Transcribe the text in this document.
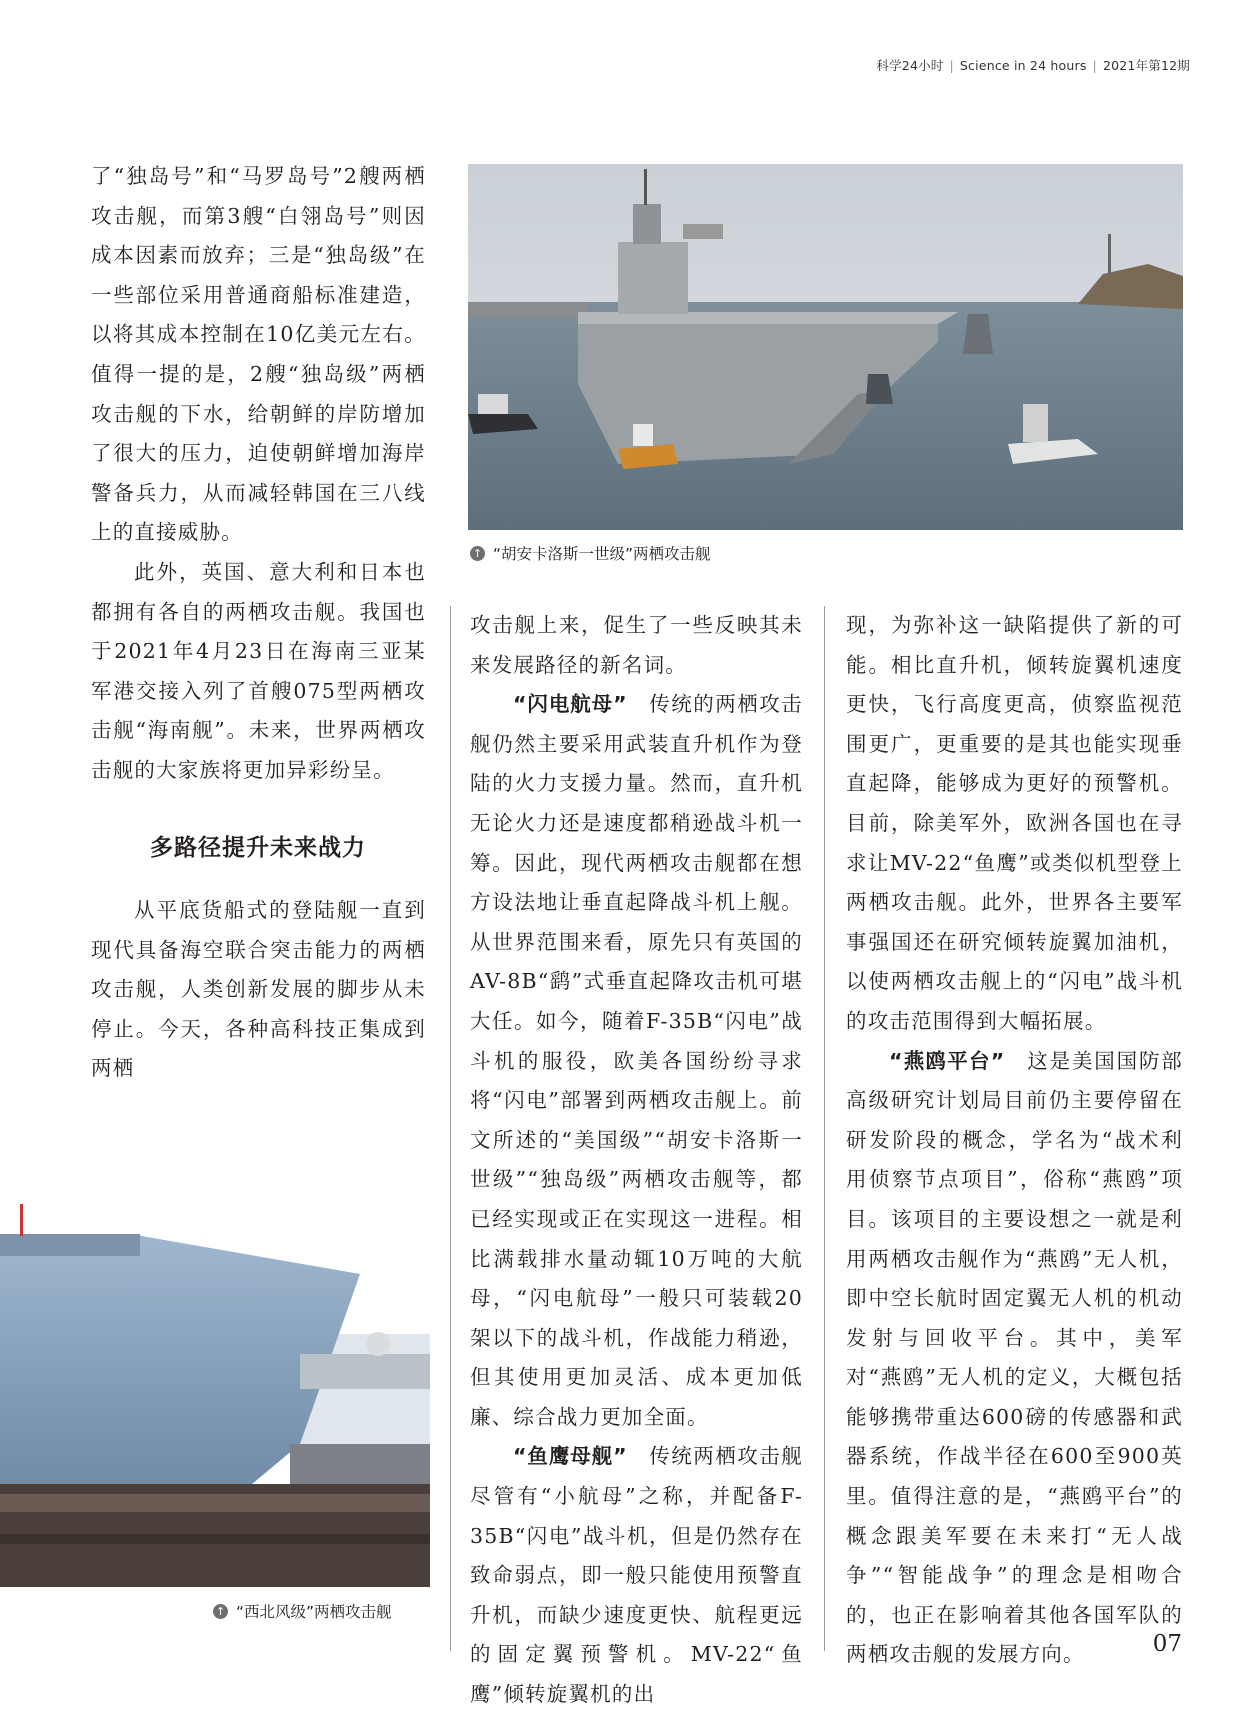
科学24小时 | Science in 24 hours | 2021年第12期

了“独岛号”和“马罗岛号”2艘两栖攻击舰，而第3艘“白翎岛号”则因成本因素而放弃；三是“独岛级”在一些部位采用普通商船标准建造，以将其成本控制在10亿美元左右。值得一提的是，2艘“独岛级”两栖攻击舰的下水，给朝鲜的岸防增加了很大的压力，迫使朝鲜增加海岸警备兵力，从而减轻韩国在三八线上的直接威胁。

此外，英国、意大利和日本也都拥有各自的两栖攻击舰。我国也于2021年4月23日在海南三亚某军港交接入列了首艘075型两栖攻击舰“海南舰”。未来，世界两栖攻击舰的大家族将更加异彩纷呈。

多路径提升未来战力

从平底货船式的登陆舰一直到现代具备海空联合突击能力的两栖攻击舰，人类创新发展的脚步从未停止。今天，各种高科技正集成到两栖

↑ “胡安卡洛斯一世级”两栖攻击舰

攻击舰上来，促生了一些反映其未来发展路径的新名词。

“闪电航母”  传统的两栖攻击舰仍然主要采用武装直升机作为登陆的火力支援力量。然而，直升机无论火力还是速度都稍逊战斗机一筹。因此，现代两栖攻击舰都在想方设法地让垂直起降战斗机上舰。从世界范围来看，原先只有英国的AV-8B“鹞”式垂直起降攻击机可堪大任。如今，随着F-35B“闪电”战斗机的服役，欧美各国纷纷寻求将“闪电”部署到两栖攻击舰上。前文所述的“美国级”“胡安卡洛斯一世级”“独岛级”两栖攻击舰等，都已经实现或正在实现这一进程。相比满载排水量动辄10万吨的大航母，“闪电航母”一般只可装载20架以下的战斗机，作战能力稍逊，但其使用更加灵活、成本更加低廉、综合战力更加全面。

“鱼鹰母舰”  传统两栖攻击舰尽管有“小航母”之称，并配备F-35B“闪电”战斗机，但是仍然存在致命弱点，即一般只能使用预警直升机，而缺少速度更快、航程更远的固定翼预警机。MV-22“鱼鹰”倾转旋翼机的出

现，为弥补这一缺陷提供了新的可能。相比直升机，倾转旋翼机速度更快，飞行高度更高，侦察监视范围更广，更重要的是其也能实现垂直起降，能够成为更好的预警机。目前，除美军外，欧洲各国也在寻求让MV-22“鱼鹰”或类似机型登上两栖攻击舰。此外，世界各主要军事强国还在研究倾转旋翼加油机，以使两栖攻击舰上的“闪电”战斗机的攻击范围得到大幅拓展。

“燕鸥平台”  这是美国国防部高级研究计划局目前仍主要停留在研发阶段的概念，学名为“战术利用侦察节点项目”，俗称“燕鸥”项目。该项目的主要设想之一就是利用两栖攻击舰作为“燕鸥”无人机，即中空长航时固定翼无人机的机动发射与回收平台。其中，美军对“燕鸥”无人机的定义，大概包括能够携带重达600磅的传感器和武器系统，作战半径在600至900英里。值得注意的是，“燕鸥平台”的概念跟美军要在未来打“无人战争”“智能战争”的理念是相吻合的，也正在影响着其他各国军队的两栖攻击舰的发展方向。

↑ “西北风级”两栖攻击舰
07
